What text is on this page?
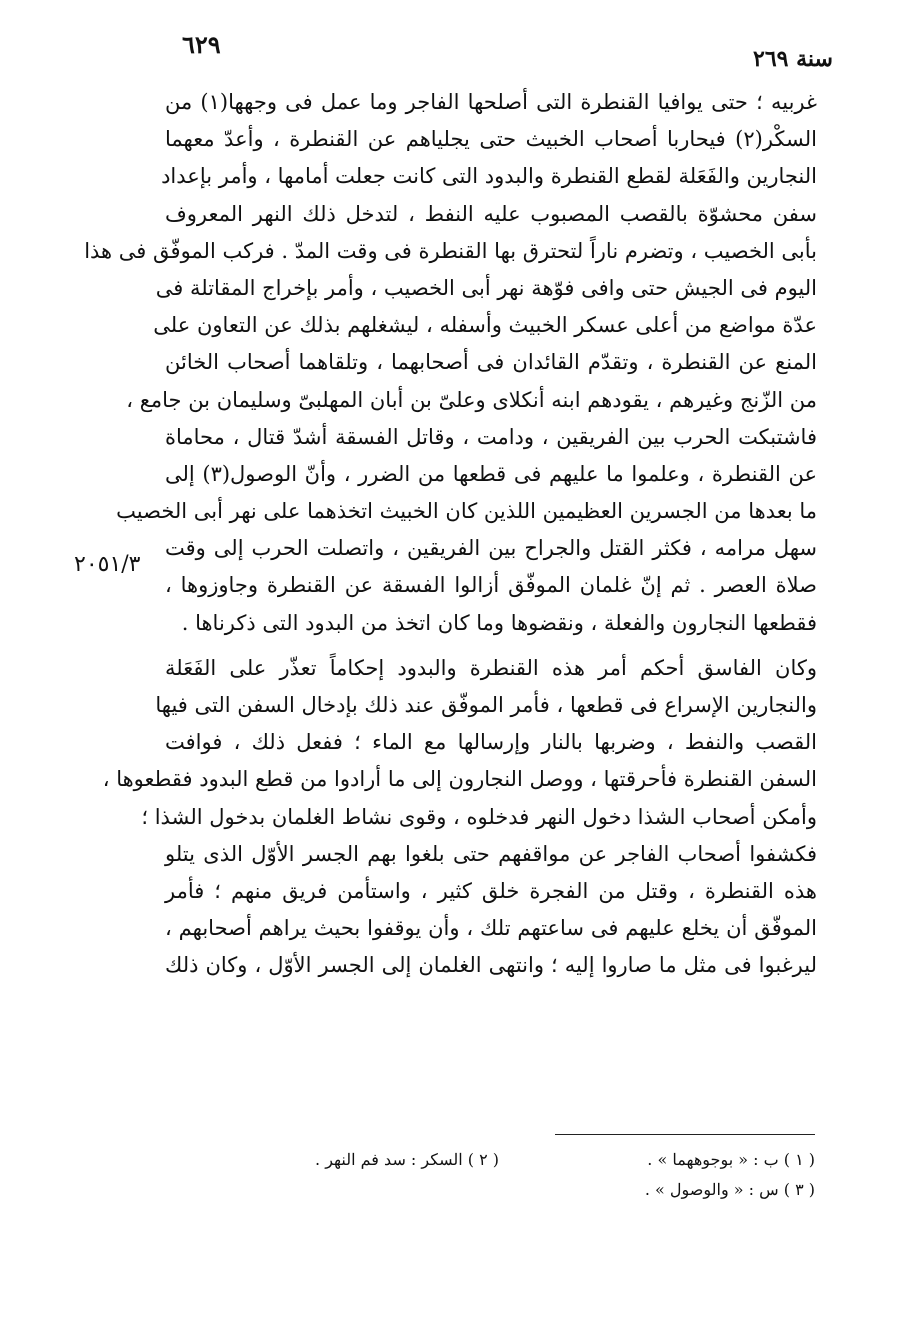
٦٢٩	سنة ٢٦٩
٢٠٥١/٣
غربيه ؛ حتى يوافيا القنطرة التى أصلحها الفاجر وما عمل فى وجهها(١) من
السكْر(٢) فيحاربا أصحاب الخبيث حتى يجلياهم عن القنطرة ، وأعدّ معهما
النجارين والفَعَلة لقطع القنطرة والبدود التى كانت جعلت أمامها ، وأمر بإعداد
سفن محشوّة بالقصب المصبوب عليه النفط ، لتدخل ذلك النهر المعروف
بأبى الخصيب ، وتضرم ناراً لتحترق بها القنطرة فى وقت المدّ . فركب الموفّق فى هذا
اليوم فى الجيش حتى وافى فوّهة نهر أبى الخصيب ، وأمر بإخراج المقاتلة فى
عدّة مواضع من أعلى عسكر الخبيث وأسفله ، ليشغلهم بذلك عن التعاون على
المنع عن القنطرة ، وتقدّم القائدان فى أصحابهما ، وتلقاهما أصحاب الخائن
من الزّنج وغيرهم ، يقودهم ابنه أنكلاى وعلىّ بن أبان المهلبىّ وسليمان بن جامع ،
فاشتبكت الحرب بين الفريقين ، ودامت ، وقاتل الفسقة أشدّ قتال ، محاماة
عن القنطرة ، وعلموا ما عليهم فى قطعها من الضرر ، وأنّ الوصول(٣) إلى
ما بعدها من الجسرين العظيمين اللذين كان الخبيث اتخذهما على نهر أبى الخصيب
سهل مرامه ، فكثر القتل والجراح بين الفريقين ، واتصلت الحرب إلى وقت
صلاة العصر . ثم إنّ غلمان الموفّق أزالوا الفسقة عن القنطرة وجاوزوها ،
فقطعها النجارون والفعلة ، ونقضوها وما كان اتخذ من البدود التى ذكرناها .
وكان الفاسق أحكم أمر هذه القنطرة والبدود إحكاماً تعذّر على الفَعَلة
والنجارين الإسراع فى قطعها ، فأمر الموفّق عند ذلك بإدخال السفن التى فيها
القصب والنفط ، وضربها بالنار وإرسالها مع الماء ؛ ففعل ذلك ، فوافت
السفن القنطرة فأحرقتها ، ووصل النجارون إلى ما أرادوا من قطع البدود فقطعوها ،
وأمكن أصحاب الشذا دخول النهر فدخلوه ، وقوى نشاط الغلمان بدخول الشذا ؛
فكشفوا أصحاب الفاجر عن مواقفهم حتى بلغوا بهم الجسر الأوّل الذى يتلو
هذه القنطرة ، وقتل من الفجرة خلق كثير ، واستأمن فريق منهم ؛ فأمر
الموفّق أن يخلع عليهم فى ساعتهم تلك ، وأن يوقفوا بحيث يراهم أصحابهم ،
ليرغبوا فى مثل ما صاروا إليه ؛ وانتهى الغلمان إلى الجسر الأوّل ، وكان ذلك
( ١ ) ب : « بوجوههما » .
( ٢ ) السكر : سد فم النهر .
( ٣ ) س : « والوصول » .
